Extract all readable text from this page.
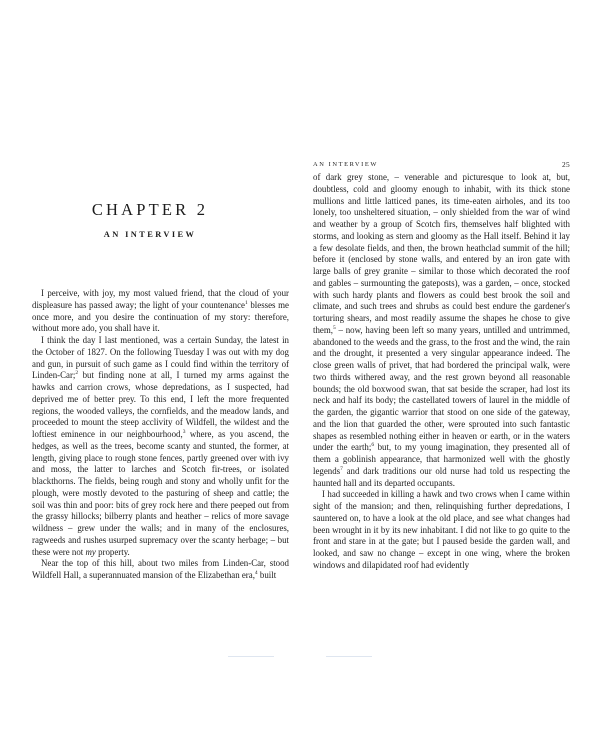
CHAPTER 2
AN INTERVIEW

I perceive, with joy, my most valued friend, that the cloud of your displeasure has passed away; the light of your countenance$^1$ blesses me once more, and you desire the continuation of my story: therefore, without more ado, you shall have it.

I think the day I last mentioned, was a certain Sunday, the latest in the October of 1827. On the following Tuesday I was out with my dog and gun, in pursuit of such game as I could find within the territory of Linden-Car;$^2$ but finding none at all, I turned my arms against the hawks and carrion crows, whose depredations, as I suspected, had deprived me of better prey. To this end, I left the more frequented regions, the wooded valleys, the cornfields, and the meadow lands, and proceeded to mount the steep acclivity of Wildfell, the wildest and the loftiest eminence in our neighbourhood,$^3$ where, as you ascend, the hedges, as well as the trees, become scanty and stunted, the former, at length, giving place to rough stone fences, partly greened over with ivy and moss, the latter to larches and Scotch fir-trees, or isolated blackthorns. The fields, being rough and stony and wholly unfit for the plough, were mostly devoted to the pasturing of sheep and cattle; the soil was thin and poor: bits of grey rock here and there peeped out from the grassy hillocks; bilberry plants and heather – relics of more savage wildness – grew under the walls; and in many of the enclosures, ragweeds and rushes usurped supremacy over the scanty herbage; – but these were not my property.

Near the top of this hill, about two miles from Linden-Car, stood Wildfell Hall, a superannuated mansion of the Elizabethan era,$^4$ built

AN INTERVIEW	25

of dark grey stone, – venerable and picturesque to look at, but, doubtless, cold and gloomy enough to inhabit, with its thick stone mullions and little latticed panes, its time-eaten airholes, and its too lonely, too unsheltered situation, – only shielded from the war of wind and weather by a group of Scotch firs, themselves half blighted with storms, and looking as stern and gloomy as the Hall itself. Behind it lay a few desolate fields, and then, the brown heathclad summit of the hill; before it (enclosed by stone walls, and entered by an iron gate with large balls of grey granite – similar to those which decorated the roof and gables – surmounting the gateposts), was a garden, – once, stocked with such hardy plants and flowers as could best brook the soil and climate, and such trees and shrubs as could best endure the gardener's torturing shears, and most readily assume the shapes he chose to give them,$^5$ – now, having been left so many years, untilled and untrimmed, abandoned to the weeds and the grass, to the frost and the wind, the rain and the drought, it presented a very singular appearance indeed. The close green walls of privet, that had bordered the principal walk, were two thirds withered away, and the rest grown beyond all reasonable bounds; the old boxwood swan, that sat beside the scraper, had lost its neck and half its body; the castellated towers of laurel in the middle of the garden, the gigantic warrior that stood on one side of the gateway, and the lion that guarded the other, were sprouted into such fantastic shapes as resembled nothing either in heaven or earth, or in the waters under the earth;$^6$ but, to my young imagination, they presented all of them a goblinish appearance, that harmonized well with the ghostly legends$^7$ and dark traditions our old nurse had told us respecting the haunted hall and its departed occupants.

I had succeeded in killing a hawk and two crows when I came within sight of the mansion; and then, relinquishing further depredations, I sauntered on, to have a look at the old place, and see what changes had been wrought in it by its new inhabitant. I did not like to go quite to the front and stare in at the gate; but I paused beside the garden wall, and looked, and saw no change – except in one wing, where the broken windows and dilapidated roof had evidently
